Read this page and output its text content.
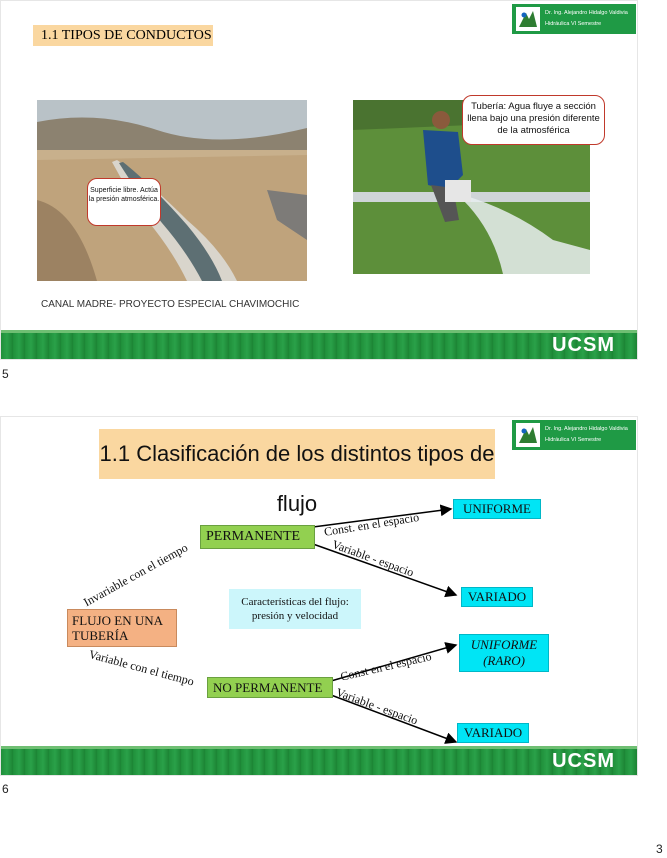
1.1 TIPOS DE CONDUCTOS
Dr. Ing. Alejandro Hidalgo Valdivia
Hidráulica VI Semestre
Superficie libre. Actúa la presión atmosférica.
Tubería: Agua fluye a sección llena bajo una presión diferente de la atmosférica
CANAL MADRE- PROYECTO ESPECIAL CHAVIMOCHIC
UCSM
5
Dr. Ing. Alejandro Hidalgo Valdivia
Hidráulica VI Semestre
1.1 Clasificación de los distintos tipos de flujo
PERMANENTE
NO PERMANENTE
FLUJO EN UNA TUBERÍA
UNIFORME
VARIADO
UNIFORME
(RARO)
VARIADO
Características del flujo: presión y velocidad
Invariable con el tiempo
Variable con el tiempo
Const. en el espacio
Variable - espacio
Const en el espacio
Variable - espacio
UCSM
6
3
